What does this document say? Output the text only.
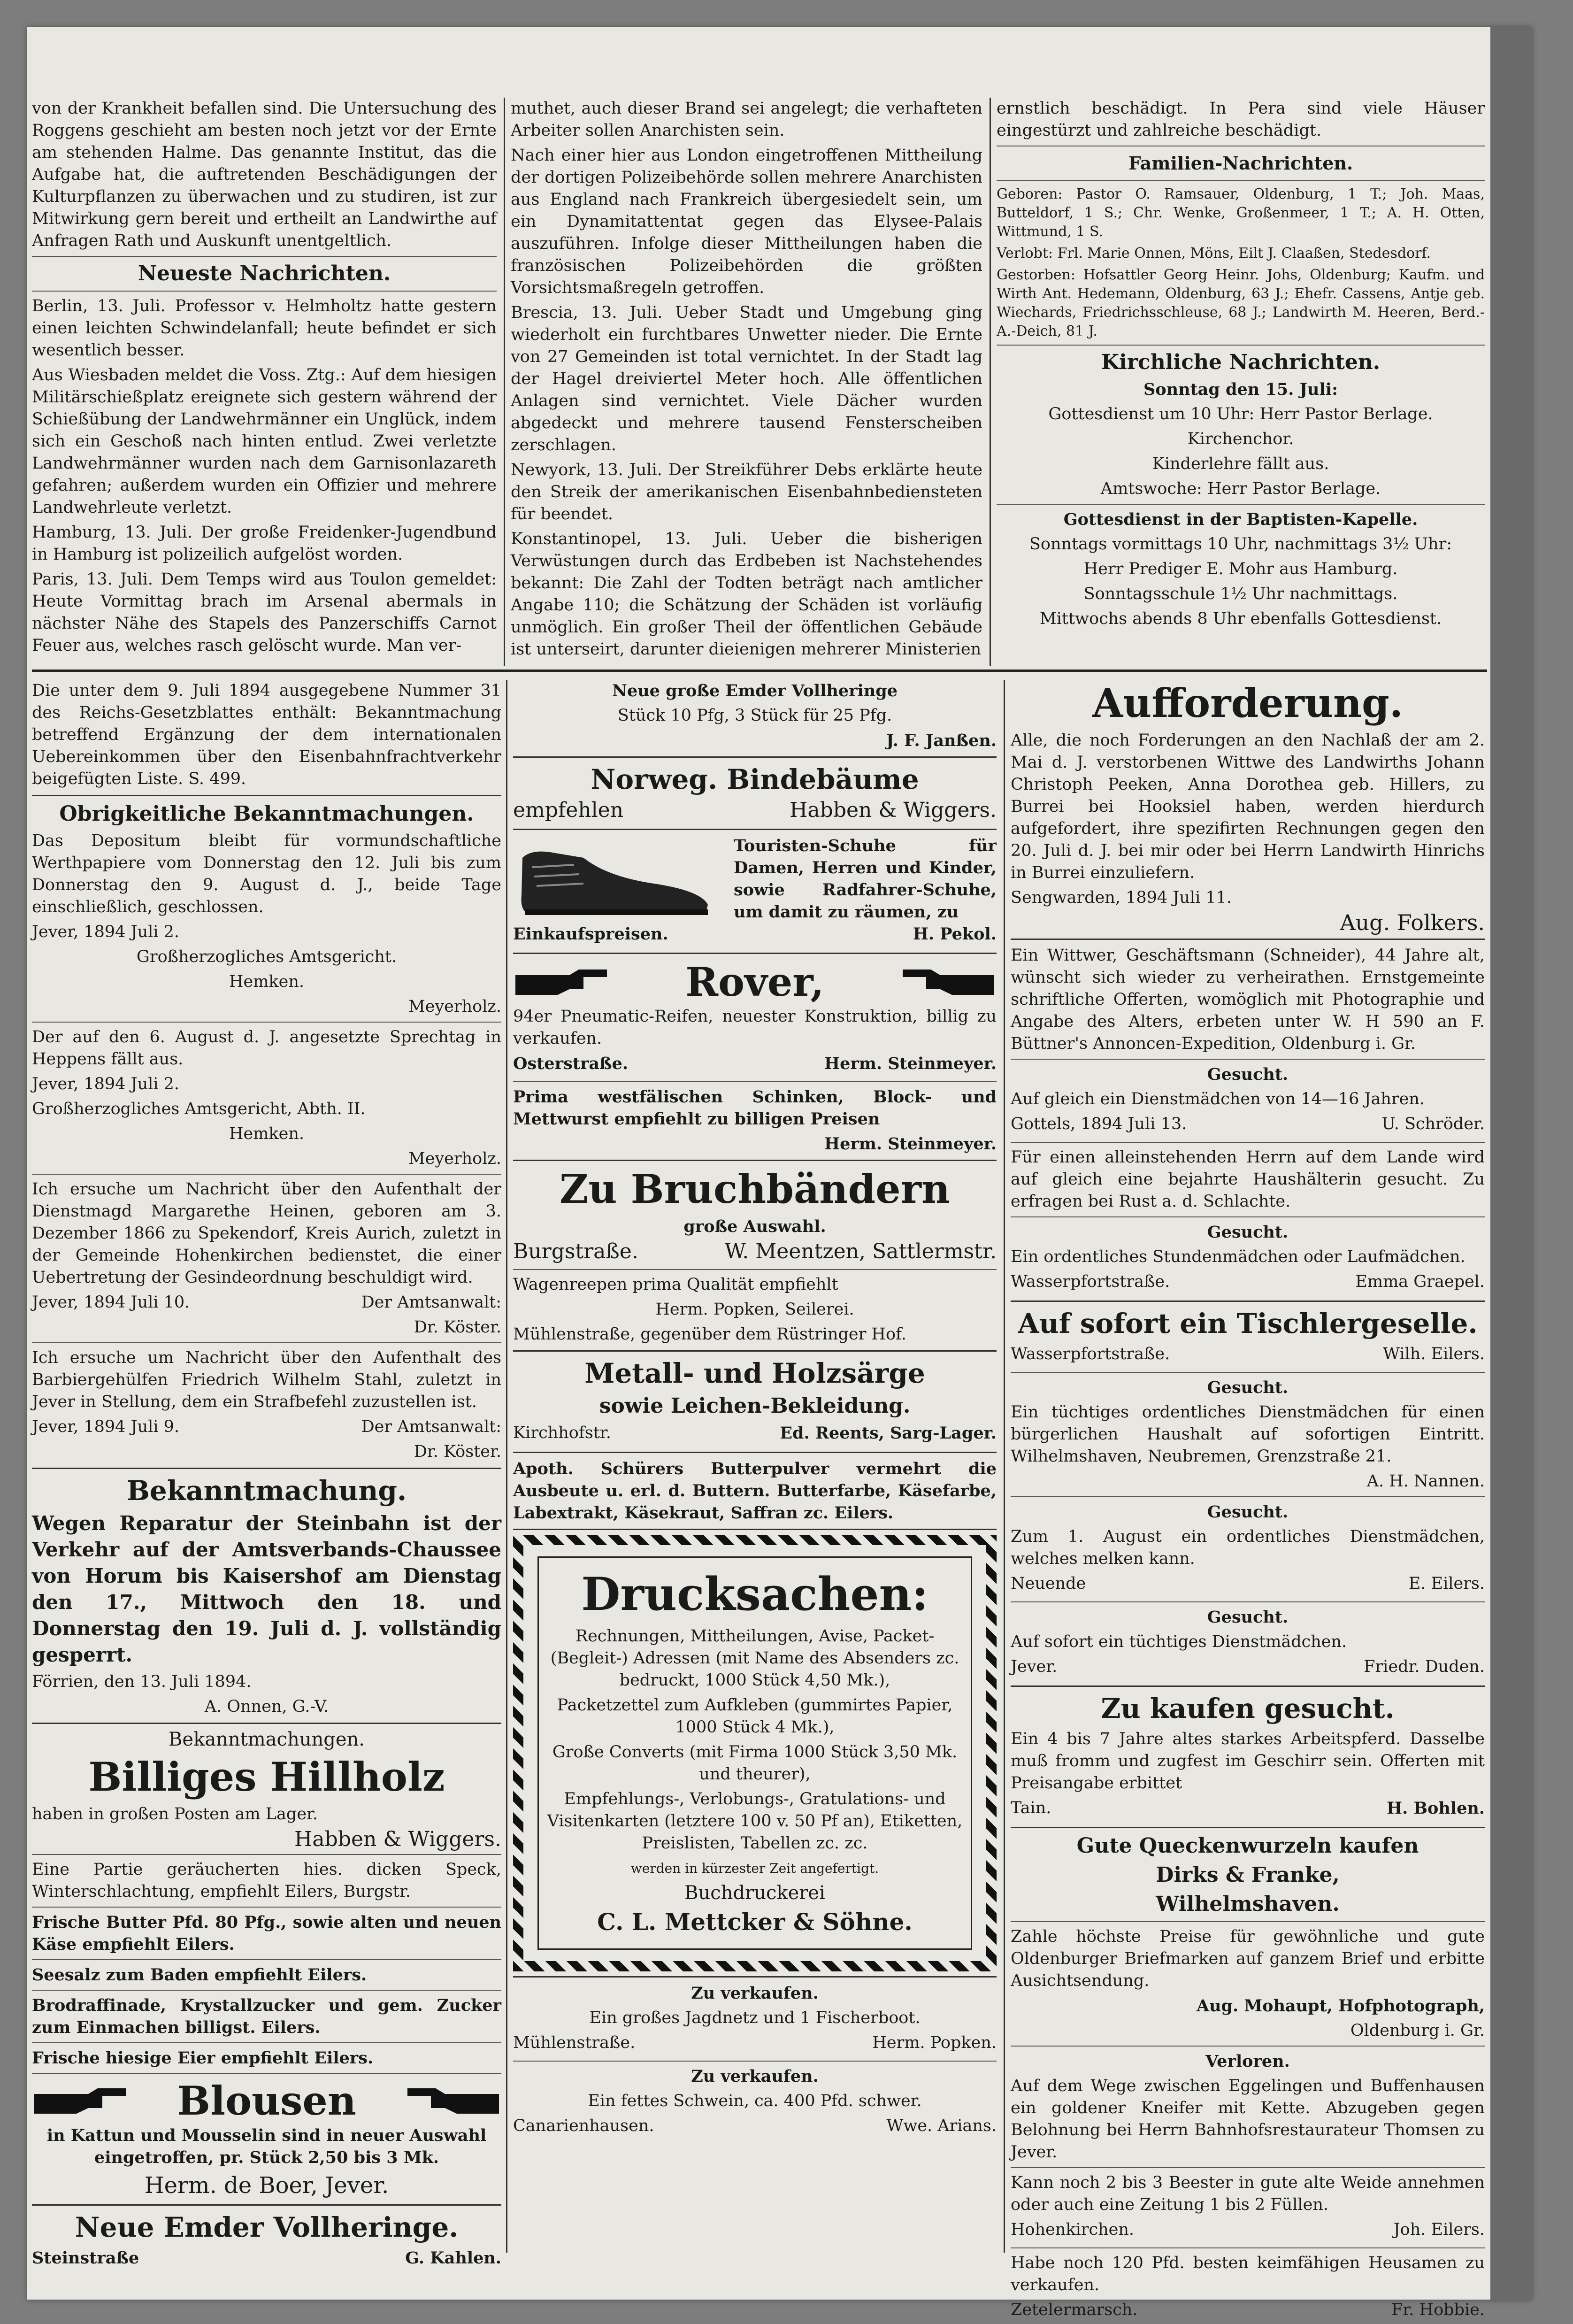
von der Krankheit befallen sind. Die Untersuchung des Roggens geschieht am besten noch jetzt vor der Ernte am stehenden Halme. Das genannte Institut, das die Aufgabe hat, die auftretenden Beschädigungen der Kulturpflanzen zu überwachen und zu studiren, ist zur Mitwirkung gern bereit und ertheilt an Landwirthe auf Anfragen Rath und Auskunft unentgeltlich.

Neueste Nachrichten.

Berlin, 13. Juli. Professor v. Helmholtz hatte gestern einen leichten Schwindelanfall; heute befindet er sich wesentlich besser.

Aus Wiesbaden meldet die Voss. Ztg.: Auf dem hiesigen Militärschießplatz ereignete sich gestern während der Schießübung der Landwehrmänner ein Unglück, indem sich ein Geschoß nach hinten entlud. Zwei verletzte Landwehrmänner wurden nach dem Garnisonlazareth gefahren; außerdem wurden ein Offizier und mehrere Landwehrleute verletzt.

Hamburg, 13. Juli. Der große Freidenker-Jugendbund in Hamburg ist polizeilich aufgelöst worden.

Paris, 13. Juli. Dem Temps wird aus Toulon gemeldet: Heute Vormittag brach im Arsenal abermals in nächster Nähe des Stapels des Panzerschiffs Carnot Feuer aus, welches rasch gelöscht wurde. Man ver-

muthet, auch dieser Brand sei angelegt; die verhafteten Arbeiter sollen Anarchisten sein.

Nach einer hier aus London eingetroffenen Mittheilung der dortigen Polizeibehörde sollen mehrere Anarchisten aus England nach Frankreich übergesiedelt sein, um ein Dynamitattentat gegen das Elysee-Palais auszuführen. Infolge dieser Mittheilungen haben die französischen Polizeibehörden die größten Vorsichtsmaßregeln getroffen.

Brescia, 13. Juli. Ueber Stadt und Umgebung ging wiederholt ein furchtbares Unwetter nieder. Die Ernte von 27 Gemeinden ist total vernichtet. In der Stadt lag der Hagel dreiviertel Meter hoch. Alle öffentlichen Anlagen sind vernichtet. Viele Dächer wurden abgedeckt und mehrere tausend Fensterscheiben zerschlagen.

Newyork, 13. Juli. Der Streikführer Debs erklärte heute den Streik der amerikanischen Eisenbahnbediensteten für beendet.

Konstantinopel, 13. Juli. Ueber die bisherigen Verwüstungen durch das Erdbeben ist Nachstehendes bekannt: Die Zahl der Todten beträgt nach amtlicher Angabe 110; die Schätzung der Schäden ist vorläufig unmöglich. Ein großer Theil der öffentlichen Gebäude ist unterseirt, darunter dieienigen mehrerer Ministerien

ernstlich beschädigt. In Pera sind viele Häuser eingestürzt und zahlreiche beschädigt.

Familien-Nachrichten.

Geboren: Pastor O. Ramsauer, Oldenburg, 1 T.; Joh. Maas, Butteldorf, 1 S.; Chr. Wenke, Großenmeer, 1 T.; A. H. Otten, Wittmund, 1 S.

Verlobt: Frl. Marie Onnen, Möns, Eilt J. Claaßen, Stedesdorf.

Gestorben: Hofsattler Georg Heinr. Johs, Oldenburg; Kaufm. und Wirth Ant. Hedemann, Oldenburg, 63 J.; Ehefr. Cassens, Antje geb. Wiechards, Friedrichsschleuse, 68 J.; Landwirth M. Heeren, Berd.-A.-Deich, 81 J.

Kirchliche Nachrichten.

Sonntag den 15. Juli:

Gottesdienst um 10 Uhr: Herr Pastor Berlage.

Kirchenchor.

Kinderlehre fällt aus.

Amtswoche: Herr Pastor Berlage.

Gottesdienst in der Baptisten-Kapelle.

Sonntags vormittags 10 Uhr, nachmittags 3½ Uhr:

Herr Prediger E. Mohr aus Hamburg.

Sonntagsschule 1½ Uhr nachmittags.

Mittwochs abends 8 Uhr ebenfalls Gottesdienst.

Die unter dem 9. Juli 1894 ausgegebene Nummer 31 des Reichs-Gesetzblattes enthält: Bekanntmachung betreffend Ergänzung der dem internationalen Uebereinkommen über den Eisenbahnfrachtverkehr beigefügten Liste. S. 499.

Obrigkeitliche Bekanntmachungen.

Das Depositum bleibt für vormundschaftliche Werthpapiere vom Donnerstag den 12. Juli bis zum Donnerstag den 9. August d. J., beide Tage einschließlich, geschlossen.

Jever, 1894 Juli 2.

Großherzogliches Amtsgericht.

Hemken.

Meyerholz.

Der auf den 6. August d. J. angesetzte Sprechtag in Heppens fällt aus.

Jever, 1894 Juli 2.

Großherzogliches Amtsgericht, Abth. II.

Hemken.

Meyerholz.

Ich ersuche um Nachricht über den Aufenthalt der Dienstmagd Margarethe Heinen, geboren am 3. Dezember 1866 zu Spekendorf, Kreis Aurich, zuletzt in der Gemeinde Hohenkirchen bedienstet, die einer Uebertretung der Gesindeordnung beschuldigt wird.

Jever, 1894 Juli 10.	Der Amtsanwalt:

Dr. Köster.

Ich ersuche um Nachricht über den Aufenthalt des Barbiergehülfen Friedrich Wilhelm Stahl, zuletzt in Jever in Stellung, dem ein Strafbefehl zuzustellen ist.

Jever, 1894 Juli 9.	Der Amtsanwalt:

Dr. Köster.

Bekanntmachung.

Wegen Reparatur der Steinbahn ist der Verkehr auf der Amtsverbands-Chaussee von Horum bis Kaisershof am Dienstag den 17., Mittwoch den 18. und Donnerstag den 19. Juli d. J. vollständig gesperrt.

Förrien, den 13. Juli 1894.

A. Onnen, G.-V.

Bekanntmachungen.

Billiges Hillholz

haben in großen Posten am Lager.

Habben & Wiggers.

Eine Partie geräucherten hies. dicken Speck, Winterschlachtung, empfiehlt Eilers, Burgstr.

Frische Butter Pfd. 80 Pfg., sowie alten und neuen Käse empfiehlt Eilers.

Seesalz zum Baden empfiehlt Eilers.

Brodraffinade, Krystallzucker und gem. Zucker zum Einmachen billigst. Eilers.

Frische hiesige Eier empfiehlt Eilers.

Blousen

in Kattun und Mousselin sind in neuer Auswahl eingetroffen, pr. Stück 2,50 bis 3 Mk.

Herm. de Boer, Jever.

Neue Emder Vollheringe.

Steinstraße	G. Kahlen.

Neue große Emder Vollheringe

Stück 10 Pfg, 3 Stück für 25 Pfg.

J. F. Janßen.

Norweg. Bindebäume

empfehlen	Habben & Wiggers.

Touristen-Schuhe für Damen, Herren und Kinder, sowie Radfahrer-Schuhe, um damit zu räumen, zu

Einkaufspreisen.	H. Pekol.

Rover,

94er Pneumatic-Reifen, neuester Konstruktion, billig zu verkaufen.

Osterstraße.	Herm. Steinmeyer.

Prima westfälischen Schinken, Block- und Mettwurst empfiehlt zu billigen Preisen

Herm. Steinmeyer.

Zu Bruchbändern

große Auswahl.

Burgstraße.	W. Meentzen, Sattlermstr.

Wagenreepen prima Qualität empfiehlt

Herm. Popken, Seilerei.

Mühlenstraße, gegenüber dem Rüstringer Hof.

Metall- und Holzsärge

sowie Leichen-Bekleidung.

Kirchhofstr.	Ed. Reents, Sarg-Lager.

Apoth. Schürers Butterpulver vermehrt die Ausbeute u. erl. d. Buttern. Butterfarbe, Käsefarbe, Labextrakt, Käsekraut, Saffran zc. Eilers.

Drucksachen:

Rechnungen, Mittheilungen, Avise, Packet- (Begleit-) Adressen (mit Name des Absenders zc. bedruckt, 1000 Stück 4,50 Mk.),

Packetzettel zum Aufkleben (gummirtes Papier, 1000 Stück 4 Mk.),

Große Converts (mit Firma 1000 Stück 3,50 Mk. und theurer),

Empfehlungs-, Verlobungs-, Gratulations- und Visitenkarten (letztere 100 v. 50 Pf an), Etiketten, Preislisten, Tabellen zc. zc.

werden in kürzester Zeit angefertigt.

Buchdruckerei

C. L. Mettcker & Söhne.

Zu verkaufen.

Ein großes Jagdnetz und 1 Fischerboot.

Mühlenstraße.	Herm. Popken.

Zu verkaufen.

Ein fettes Schwein, ca. 400 Pfd. schwer.

Canarienhausen.	Wwe. Arians.

Aufforderung.

Alle, die noch Forderungen an den Nachlaß der am 2. Mai d. J. verstorbenen Wittwe des Landwirths Johann Christoph Peeken, Anna Dorothea geb. Hillers, zu Burrei bei Hooksiel haben, werden hierdurch aufgefordert, ihre spezifirten Rechnungen gegen den 20. Juli d. J. bei mir oder bei Herrn Landwirth Hinrichs in Burrei einzuliefern.

Sengwarden, 1894 Juli 11.

Aug. Folkers.

Ein Wittwer, Geschäftsmann (Schneider), 44 Jahre alt, wünscht sich wieder zu verheirathen. Ernstgemeinte schriftliche Offerten, womöglich mit Photographie und Angabe des Alters, erbeten unter W. H 590 an F. Büttner's Annoncen-Expedition, Oldenburg i. Gr.

Gesucht.

Auf gleich ein Dienstmädchen von 14—16 Jahren.

Gottels, 1894 Juli 13.	U. Schröder.

Für einen alleinstehenden Herrn auf dem Lande wird auf gleich eine bejahrte Haushälterin gesucht. Zu erfragen bei Rust a. d. Schlachte.

Gesucht.

Ein ordentliches Stundenmädchen oder Laufmädchen.

Wasserpfortstraße.	Emma Graepel.

Auf sofort ein Tischlergeselle.

Wasserpfortstraße.	Wilh. Eilers.

Gesucht.

Ein tüchtiges ordentliches Dienstmädchen für einen bürgerlichen Haushalt auf sofortigen Eintritt. Wilhelmshaven, Neubremen, Grenzstraße 21.

A. H. Nannen.

Gesucht.

Zum 1. August ein ordentliches Dienstmädchen, welches melken kann.

Neuende	E. Eilers.

Gesucht.

Auf sofort ein tüchtiges Dienstmädchen.

Jever.	Friedr. Duden.

Zu kaufen gesucht.

Ein 4 bis 7 Jahre altes starkes Arbeitspferd. Dasselbe muß fromm und zugfest im Geschirr sein. Offerten mit Preisangabe erbittet

Tain.	H. Bohlen.

Gute Queckenwurzeln kaufen

Dirks & Franke,

Wilhelmshaven.

Zahle höchste Preise für gewöhnliche und gute Oldenburger Briefmarken auf ganzem Brief und erbitte Ausichtsendung.

Aug. Mohaupt, Hofphotograph,

Oldenburg i. Gr.

Verloren.

Auf dem Wege zwischen Eggelingen und Buffenhausen ein goldener Kneifer mit Kette. Abzugeben gegen Belohnung bei Herrn Bahnhofsrestaurateur Thomsen zu Jever.

Kann noch 2 bis 3 Beester in gute alte Weide annehmen oder auch eine Zeitung 1 bis 2 Füllen.

Hohenkirchen.	Joh. Eilers.

Habe noch 120 Pfd. besten keimfähigen Heusamen zu verkaufen.

Zetelermarsch.	Fr. Hobbie.
